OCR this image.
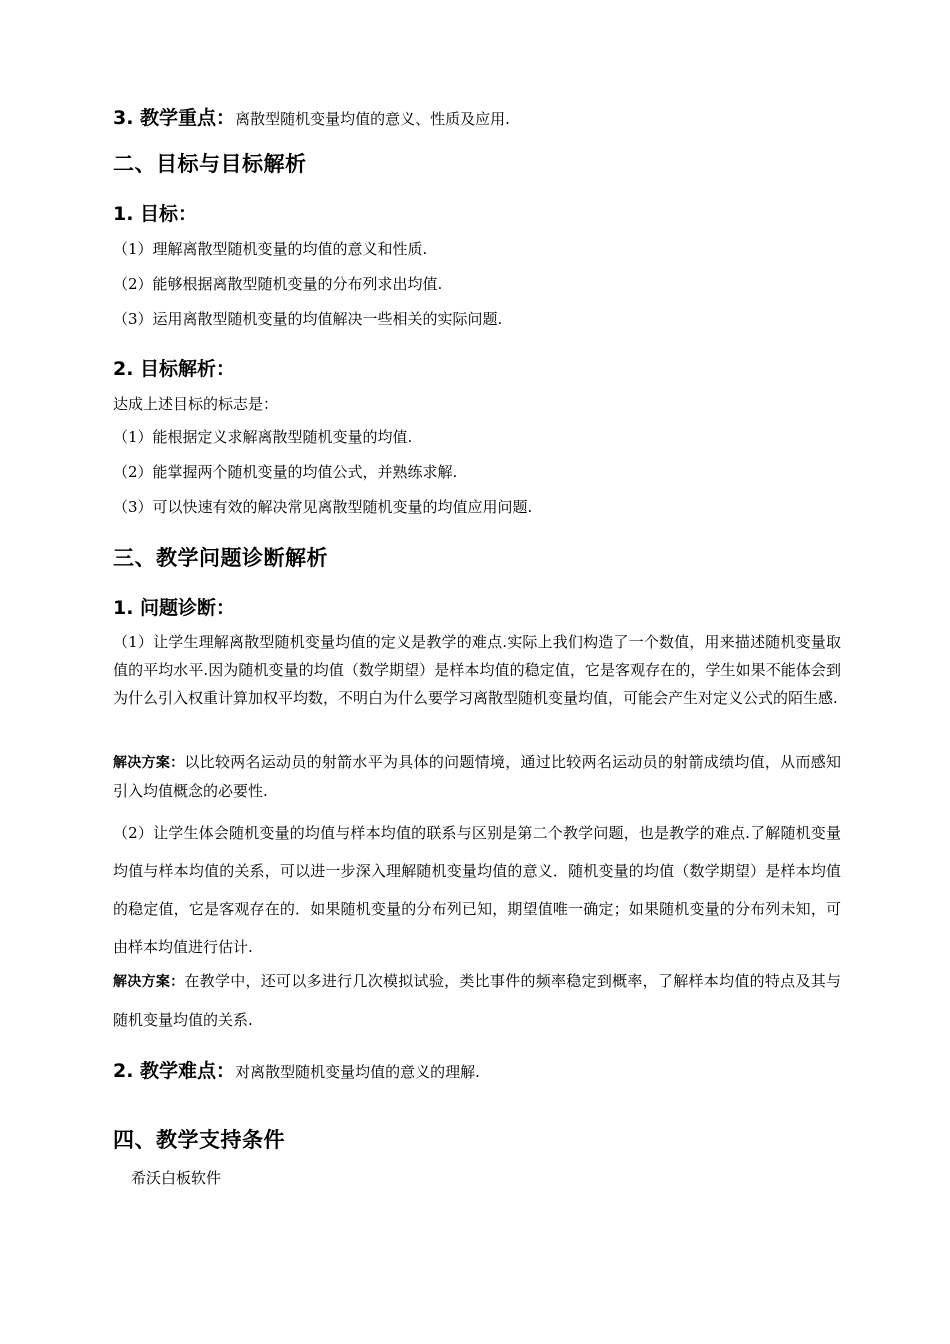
3. 教学重点：离散型随机变量均值的意义、性质及应用.

二、目标与目标解析
1. 目标：
（1）理解离散型随机变量的均值的意义和性质.
（2）能够根据离散型随机变量的分布列求出均值.
（3）运用离散型随机变量的均值解决一些相关的实际问题.
2. 目标解析：
达成上述目标的标志是：
（1）能根据定义求解离散型随机变量的均值.
（2）能掌握两个随机变量的均值公式，并熟练求解.
（3）可以快速有效的解决常见离散型随机变量的均值应用问题.
三、教学问题诊断解析
1. 问题诊断：

（1）让学生理解离散型随机变量均值的定义是教学的难点.实际上我们构造了一个数值，用来描述随机变量取值的平均水平.因为随机变量的均值（数学期望）是样本均值的稳定值，它是客观存在的，学生如果不能体会到为什么引入权重计算加权平均数，不明白为什么要学习离散型随机变量均值，可能会产生对定义公式的陌生感.

解决方案：以比较两名运动员的射箭水平为具体的问题情境，通过比较两名运动员的射箭成绩均值，从而感知引入均值概念的必要性.

（2）让学生体会随机变量的均值与样本均值的联系与区别是第二个教学问题，也是教学的难点.了解随机变量均值与样本均值的关系，可以进一步深入理解随机变量均值的意义．随机变量的均值（数学期望）是样本均值的稳定值，它是客观存在的．如果随机变量的分布列已知，期望值唯一确定；如果随机变量的分布列未知，可由样本均值进行估计.

解决方案：在教学中，还可以多进行几次模拟试验，类比事件的频率稳定到概率，了解样本均值的特点及其与随机变量均值的关系.

2. 教学难点：对离散型随机变量均值的意义的理解.

四、教学支持条件
希沃白板软件
